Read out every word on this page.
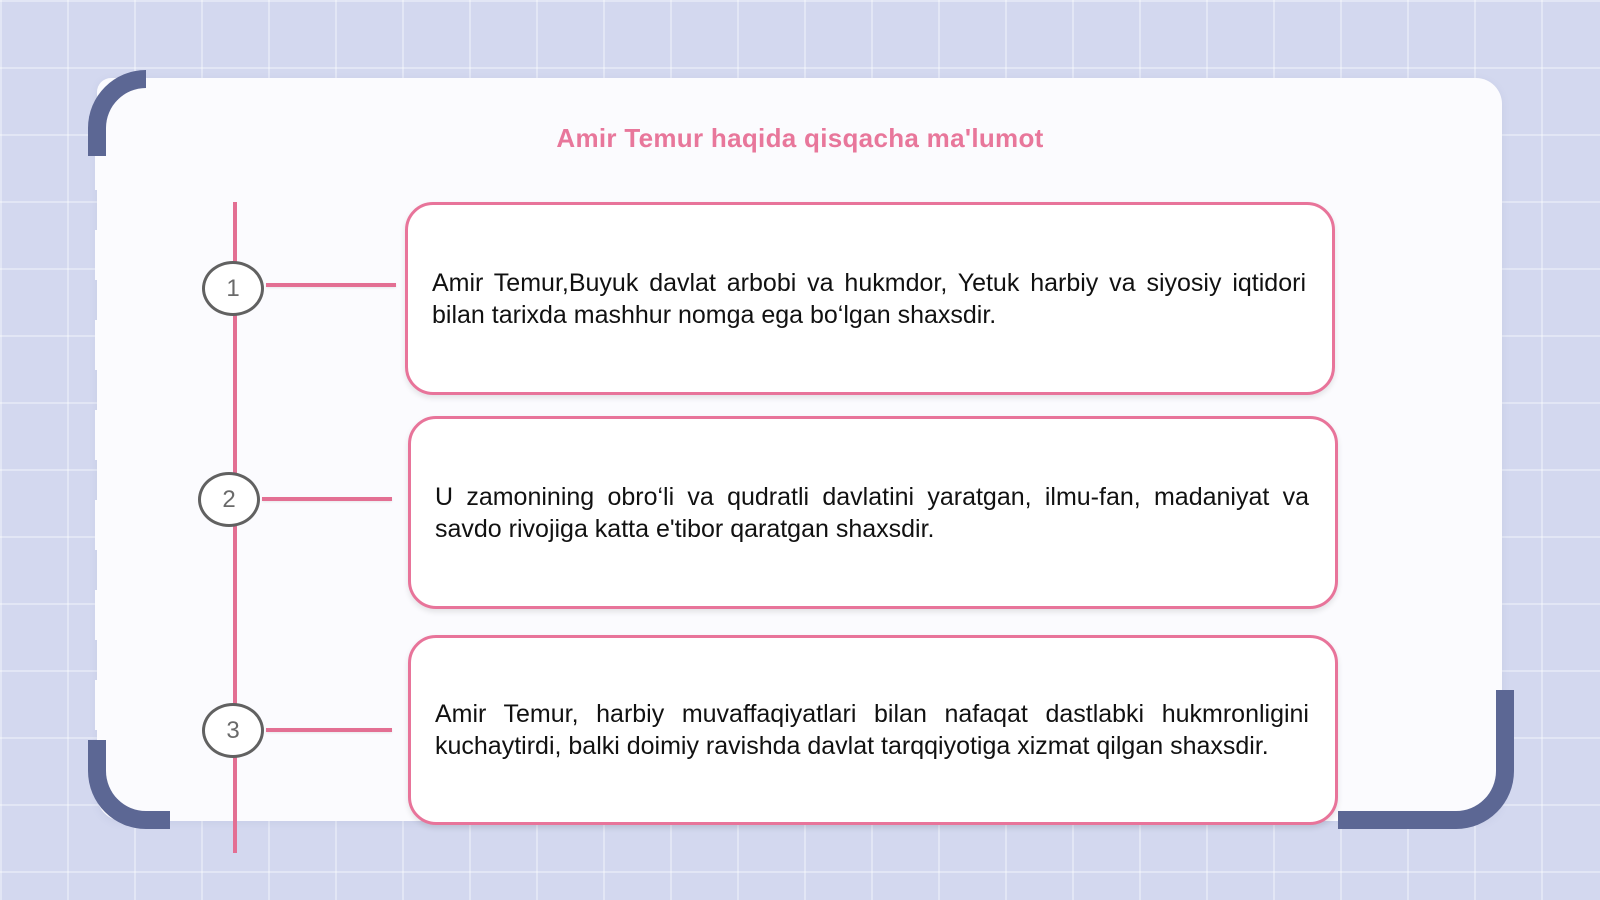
Amir Temur haqida qisqacha ma'lumot
1	Amir Temur,Buyuk davlat arbobi va hukmdor, Yetuk harbiy va siyosiy iqtidori bilan tarixda mashhur nomga ega bo‘lgan shaxsdir.
2	U zamonining obro‘li va qudratli davlatini yaratgan, ilmu-fan, madaniyat va savdo rivojiga katta e'tibor qaratgan shaxsdir.
3
Amir Temur, harbiy muvaffaqiyatlari bilan nafaqat dastlabki hukmronligini kuchaytirdi, balki doimiy ravishda davlat tarqqiyotiga xizmat qilgan shaxsdir.
